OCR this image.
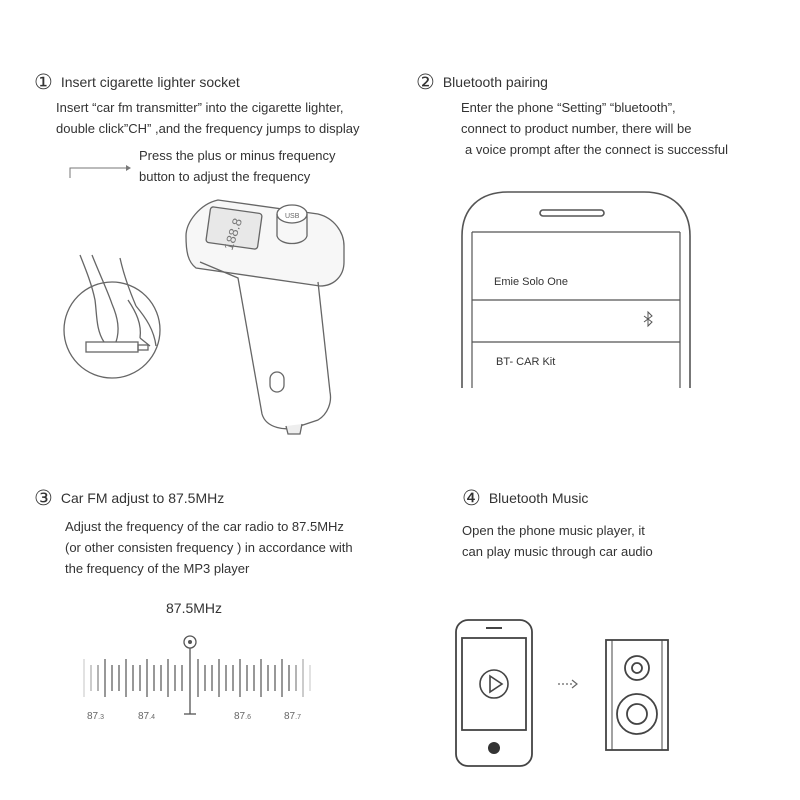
① Insert cigarette lighter socket
Insert “car fm transmitter” into the cigarette lighter,
double click”CH” ,and the frequency jumps to display
Press the plus or minus frequency
button to adjust the frequency
188.8	USB
87.5MHz
87.3	87.4	87.6	87.7
Emie Solo One
BT- CAR Kit
② Bluetooth pairing
Enter the phone “Setting” “bluetooth”,
connect to product number, there will be
a voice prompt after the connect is successful
③ Car FM adjust to 87.5MHz
Adjust the frequency of the car radio to 87.5MHz
(or other consisten frequency ) in accordance with
the frequency of the MP3 player
④ Bluetooth Music
Open the phone music player, it
can play music through car audio
